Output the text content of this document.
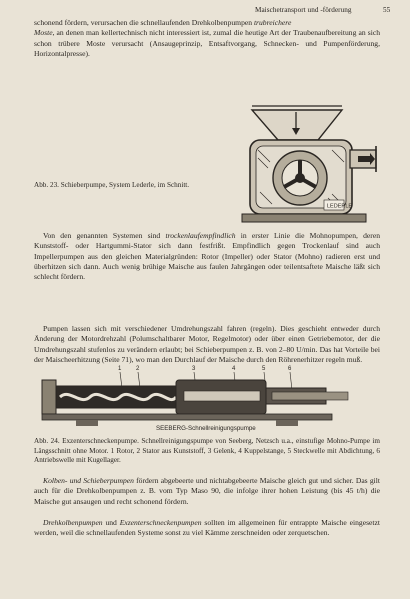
Maischetransport und -förderung	55

schonend fördern, verursachen die schnellaufenden Drehkolbenpumpen trubreichere
Moste, an denen man kellertechnisch nicht interessiert ist, zumal die heutige Art der Traubenaufbereitung an sich schon trübere Moste verursacht (Ansaugeprinzip, Entsaftvorgang, Schnecken- und Pumpenförderung, Horizontalpresse).

LEDERLE
Abb. 23. Schieberpumpe, System Lederle, im Schnitt.

Von den genannten Systemen sind trockenlaufempfindlich in erster Linie die Mohnopumpen, deren Kunststoff- oder Hartgummi-Stator sich dann festfrißt. Empfindlich gegen Trockenlauf sind auch Impellerpumpen aus den gleichen Materialgründen: Rotor (Impeller) oder Stator (Mohno) radieren erst und überhitzen sich dann. Auch wenig brühige Maische aus faulen Jahrgängen oder teilentsaftete Maische läßt sich schlecht fördern.

Pumpen lassen sich mit verschiedener Umdrehungszahl fahren (regeln). Dies geschieht entweder durch Änderung der Motordrehzahl (Polumschaltbarer Motor, Regelmotor) oder über einen Getriebemotor, der die Umdrehungszahl stufenlos zu verändern erlaubt; bei Schieberpumpen z. B. von 2–80 U/min. Das hat Vorteile bei der Maischeerhitzung (Seite 71), wo man den Durchlauf der Maische durch den Röhrenerhitzer regeln muß.

1 2	3	4	5	6
SEEBERG-Schnellreinigungspumpe
Abb. 24. Exzenterschneckenpumpe. Schnellreinigungspumpe von Seeberg, Netzsch u.a., einstufige Mohno-Pumpe im Längsschnitt ohne Motor. 1 Rotor, 2 Stator aus Kunststoff, 3 Gelenk, 4 Kuppelstange, 5 Steckwelle mit Abdichtung, 6 Antriebswelle mit Kugellager.

Kolben- und Schieberpumpen fördern abgebeerte und nichtabgebeerte Maische gleich gut und sicher. Das gilt auch für die Drehkolbenpumpen z. B. vom Typ Maso 90, die infolge ihrer hohen Leistung (bis 45 t/h) die Maische gut ansaugen und recht schonend fördern.

Drehkolbenpumpen und Exzenterschneckenpumpen sollten im allgemeinen für entrappte Maische eingesetzt werden, weil die schnellaufenden Systeme sonst zu viel Kämme zerschneiden oder zerquetschen.
